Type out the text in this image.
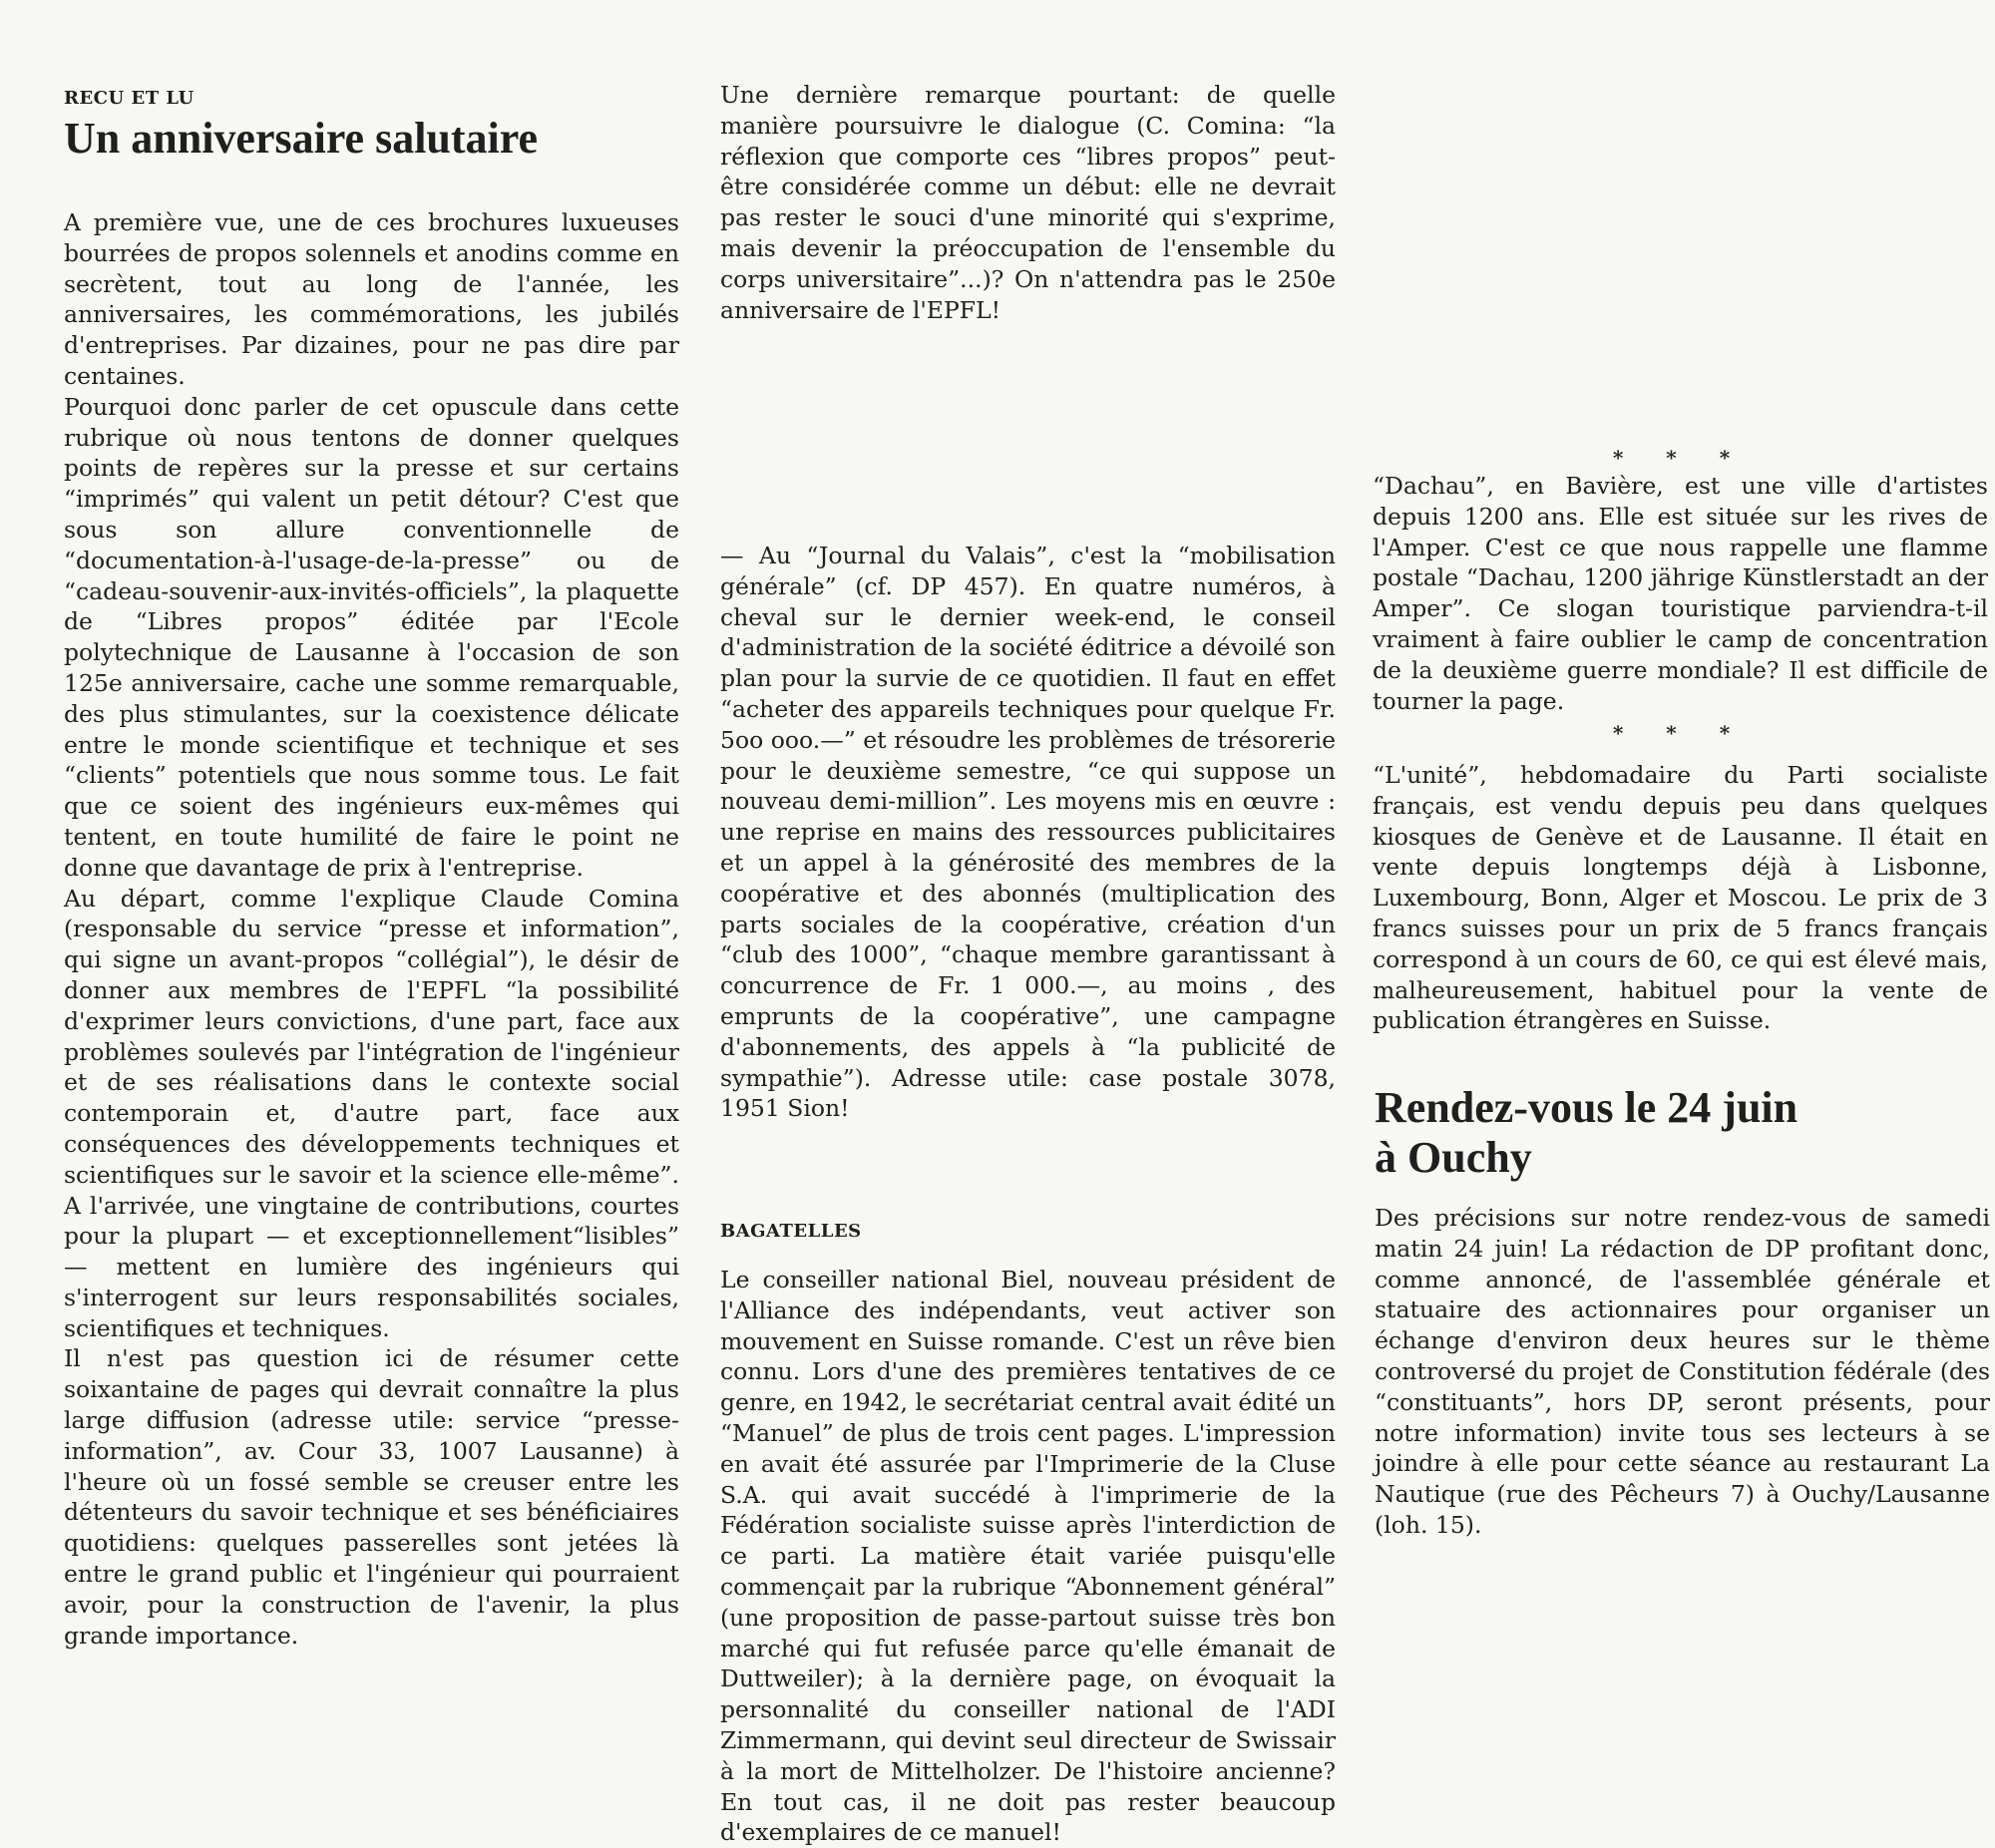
RECU ET LU
Un anniversaire salutaire

A première vue, une de ces brochures luxueuses bourrées de propos solennels et anodins comme en secrètent, tout au long de l'année, les anniversaires, les commémorations, les jubilés d'entreprises. Par dizaines, pour ne pas dire par centaines.

Pourquoi donc parler de cet opuscule dans cette rubrique où nous tentons de donner quelques points de repères sur la presse et sur certains “imprimés” qui valent un petit détour? C'est que sous son allure conventionnelle de “documentation-à-l'usage-de-la-presse” ou de “cadeau-souvenir-aux-invités-officiels”, la plaquette de “Libres propos” éditée par l'Ecole polytechnique de Lausanne à l'occasion de son 125e anniversaire, cache une somme remarquable, des plus stimulantes, sur la coexistence délicate entre le monde scientifique et technique et ses “clients” potentiels que nous somme tous. Le fait que ce soient des ingénieurs eux-mêmes qui tentent, en toute humilité de faire le point ne donne que davantage de prix à l'entreprise.

Au départ, comme l'explique Claude Comina (responsable du service “presse et information”, qui signe un avant-propos “collégial”), le désir de donner aux membres de l'EPFL “la possibilité d'exprimer leurs convictions, d'une part, face aux problèmes soulevés par l'intégration de l'ingénieur et de ses réalisations dans le contexte social contemporain et, d'autre part, face aux conséquences des développements techniques et scientifiques sur le savoir et la science elle-même”. A l'arrivée, une vingtaine de contributions, courtes pour la plupart — et exceptionnellement“lisibles” — mettent en lumière des ingénieurs qui s'interrogent sur leurs responsabilités sociales, scientifiques et techniques.

Il n'est pas question ici de résumer cette soixantaine de pages qui devrait connaître la plus large diffusion (adresse utile: service “presse-information”, av. Cour 33, 1007 Lausanne) à l'heure où un fossé semble se creuser entre les détenteurs du savoir technique et ses bénéficiaires quotidiens: quelques passerelles sont jetées là entre le grand public et l'ingénieur qui pourraient avoir, pour la construction de l'avenir, la plus grande importance.

Une dernière remarque pourtant: de quelle manière poursuivre le dialogue (C. Comina: “la réflexion que comporte ces “libres propos” peut-être considérée comme un début: elle ne devrait pas rester le souci d'une minorité qui s'exprime, mais devenir la préoccupation de l'ensemble du corps universitaire”...)? On n'attendra pas le 250e anniversaire de l'EPFL!

— Au “Journal du Valais”, c'est la “mobilisation générale” (cf. DP 457). En quatre numéros, à cheval sur le dernier week-end, le conseil d'administration de la société éditrice a dévoilé son plan pour la survie de ce quotidien. Il faut en effet “acheter des appareils techniques pour quelque Fr. 5oo ooo.—” et résoudre les problèmes de trésorerie pour le deuxième semestre, “ce qui suppose un nouveau demi-million”. Les moyens mis en œuvre : une reprise en mains des ressources publicitaires et un appel à la générosité des membres de la coopérative et des abonnés (multiplication des parts sociales de la coopérative, création d'un “club des 1000”, “chaque membre garantissant à concurrence de Fr. 1 000.—, au moins , des emprunts de la coopérative”, une campagne d'abonnements, des appels à “la publicité de sympathie”). Adresse utile: case postale 3078, 1951 Sion!

BAGATELLES

Le conseiller national Biel, nouveau président de l'Alliance des indépendants, veut activer son mouvement en Suisse romande. C'est un rêve bien connu. Lors d'une des premières tentatives de ce genre, en 1942, le secrétariat central avait édité un “Manuel” de plus de trois cent pages. L'impression en avait été assurée par l'Imprimerie de la Cluse S.A. qui avait succédé à l'imprimerie de la Fédération socialiste suisse après l'interdiction de ce parti. La matière était variée puisqu'elle commençait par la rubrique “Abonnement général” (une proposition de passe-partout suisse très bon marché qui fut refusée parce qu'elle émanait de Duttweiler); à la dernière page, on évoquait la personnalité du conseiller national de l'ADI Zimmermann, qui devint seul directeur de Swissair à la mort de Mittelholzer. De l'histoire ancienne? En tout cas, il ne doit pas rester beaucoup d'exemplaires de ce manuel!

* * *

“Dachau”, en Bavière, est une ville d'artistes depuis 1200 ans. Elle est située sur les rives de l'Amper. C'est ce que nous rappelle une flamme postale “Dachau, 1200 jährige Künstlerstadt an der Amper”. Ce slogan touristique parviendra-t-il vraiment à faire oublier le camp de concentration de la deuxième guerre mondiale? Il est difficile de tourner la page.

* * *

“L'unité”, hebdomadaire du Parti socialiste français, est vendu depuis peu dans quelques kiosques de Genève et de Lausanne. Il était en vente depuis longtemps déjà à Lisbonne, Luxembourg, Bonn, Alger et Moscou. Le prix de 3 francs suisses pour un prix de 5 francs français correspond à un cours de 60, ce qui est élevé mais, malheureusement, habituel pour la vente de publication étrangères en Suisse.

Rendez-vous le 24 juin
à Ouchy

Des précisions sur notre rendez-vous de samedi matin 24 juin! La rédaction de DP profitant donc, comme annoncé, de l'assemblée générale et statuaire des actionnaires pour organiser un échange d'environ deux heures sur le thème controversé du projet de Constitution fédérale (des “constituants”, hors DP, seront présents, pour notre information) invite tous ses lecteurs à se joindre à elle pour cette séance au restaurant La Nautique (rue des Pêcheurs 7) à Ouchy/Lausanne (loh. 15).
